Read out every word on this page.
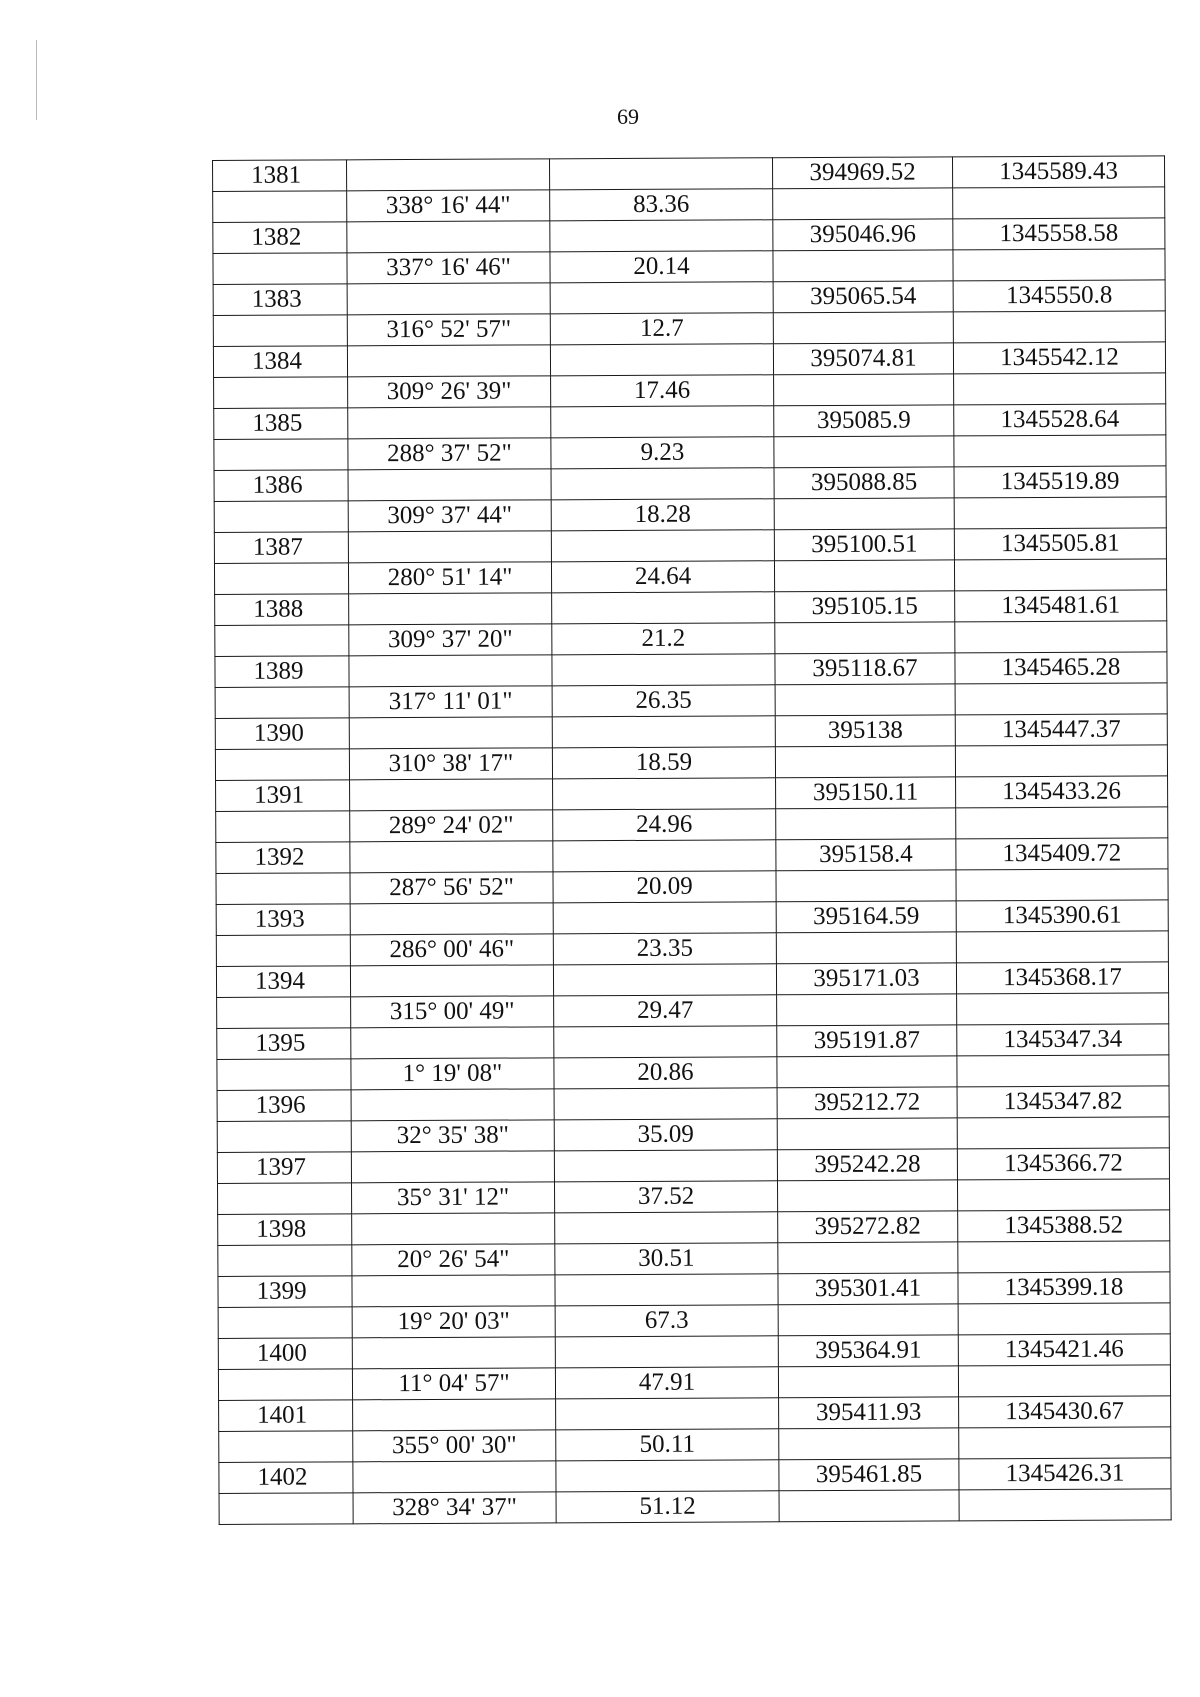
69
1381			394969.52	1345589.43
	338° 16' 44"	83.36		
1382			395046.96	1345558.58
	337° 16' 46"	20.14		
1383			395065.54	1345550.8
	316° 52' 57"	12.7		
1384			395074.81	1345542.12
	309° 26' 39"	17.46		
1385			395085.9	1345528.64
	288° 37' 52"	9.23		
1386			395088.85	1345519.89
	309° 37' 44"	18.28		
1387			395100.51	1345505.81
	280° 51' 14"	24.64		
1388			395105.15	1345481.61
	309° 37' 20"	21.2		
1389			395118.67	1345465.28
	317° 11' 01"	26.35		
1390			395138	1345447.37
	310° 38' 17"	18.59		
1391			395150.11	1345433.26
	289° 24' 02"	24.96		
1392			395158.4	1345409.72
	287° 56' 52"	20.09		
1393			395164.59	1345390.61
	286° 00' 46"	23.35		
1394			395171.03	1345368.17
	315° 00' 49"	29.47		
1395			395191.87	1345347.34
	1° 19' 08"	20.86		
1396			395212.72	1345347.82
	32° 35' 38"	35.09		
1397			395242.28	1345366.72
	35° 31' 12"	37.52		
1398			395272.82	1345388.52
	20° 26' 54"	30.51		
1399			395301.41	1345399.18
	19° 20' 03"	67.3		
1400			395364.91	1345421.46
	11° 04' 57"	47.91		
1401			395411.93	1345430.67
	355° 00' 30"	50.11		
1402			395461.85	1345426.31
	328° 34' 37"	51.12		
